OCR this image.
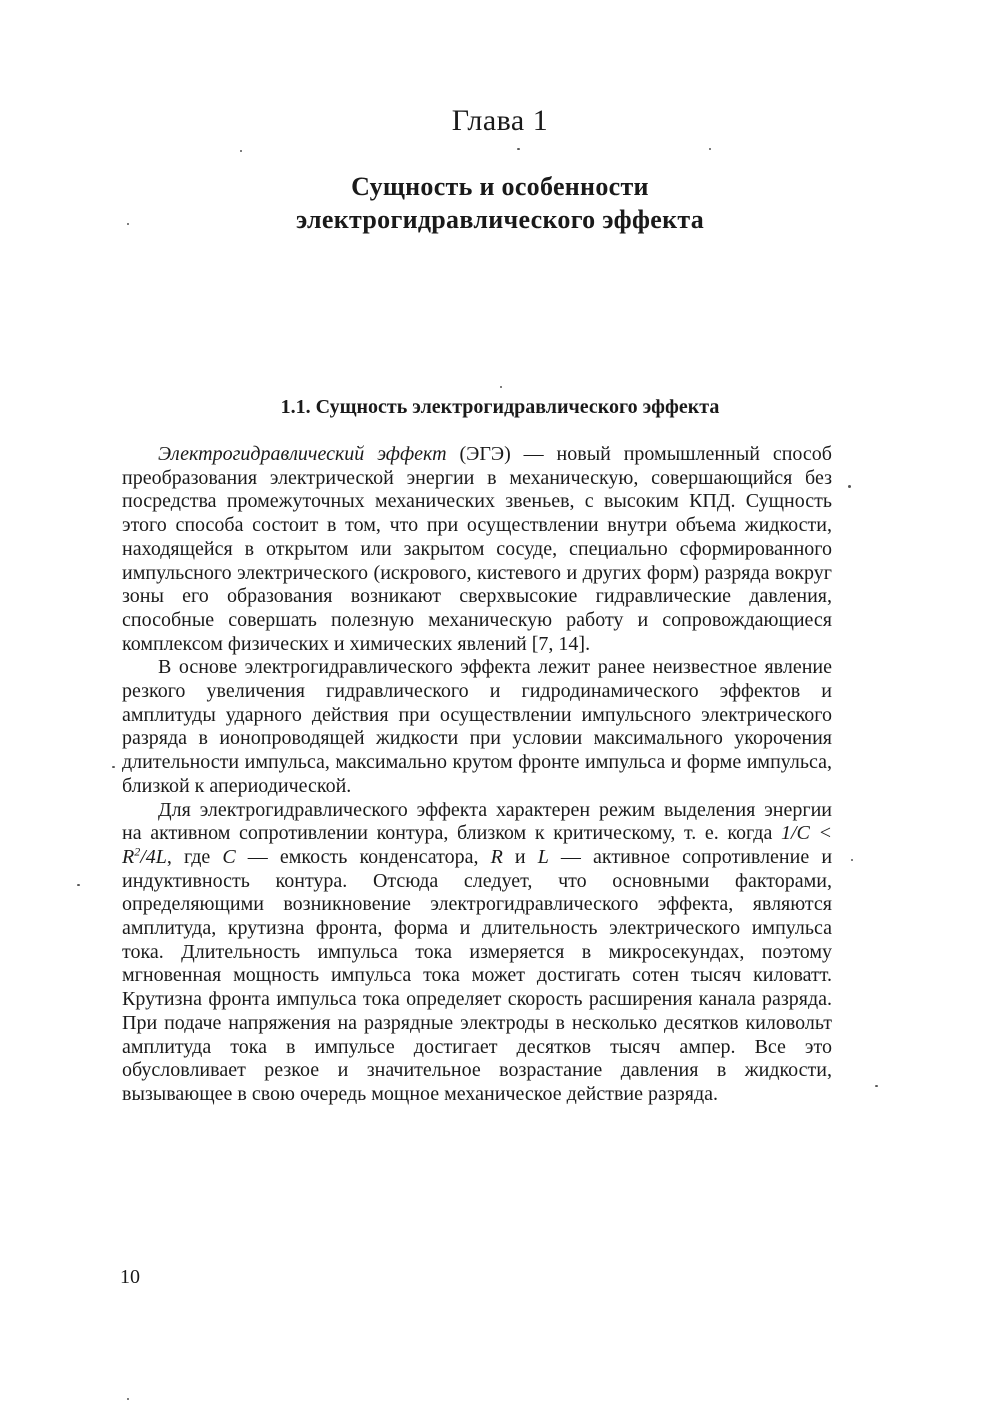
Глава 1
Сущность и особенности
электрогидравлического эффекта
1.1. Сущность электрогидравлического эффекта

Электрогидравлический эффект (ЭГЭ) — новый промышленный способ преобразования электрической энергии в механическую, совершающийся без посредства промежуточных механических звеньев, с высоким КПД. Сущность этого способа состоит в том, что при осуществлении внутри объема жидкости, находящейся в открытом или закрытом сосуде, специально сформированного импульсного электрического (искрового, кистевого и других форм) разряда вокруг зоны его образования возникают сверхвысокие гидравлические давления, способные совершать полезную механическую работу и сопровождающиеся комплексом физических и химических явлений [7, 14].

В основе электрогидравлического эффекта лежит ранее неизвестное явление резкого увеличения гидравлического и гидродинамического эффектов и амплитуды ударного действия при осуществлении импульсного электрического разряда в ионопроводящей жидкости при условии максимального укорочения длительности импульса, максимально крутом фронте импульса и форме импульса, близкой к апериодической.

Для электрогидравлического эффекта характерен режим выделения энергии на активном сопротивлении контура, близком к критическому, т. е. когда $1/C < R^2/4L$, где C — емкость конденсатора, R и L — активное сопротивление и индуктивность контура. Отсюда следует, что основными факторами, определяющими возникновение электрогидравлического эффекта, являются амплитуда, крутизна фронта, форма и длительность электрического импульса тока. Длительность импульса тока измеряется в микросекундах, поэтому мгновенная мощность импульса тока может достигать сотен тысяч киловатт. Крутизна фронта импульса тока определяет скорость расширения канала разряда. При подаче напряжения на разрядные электроды в несколько десятков киловольт амплитуда тока в импульсе достигает десятков тысяч ампер. Все это обусловливает резкое и значительное возрастание давления в жидкости, вызывающее в свою очередь мощное механическое действие разряда.

10
